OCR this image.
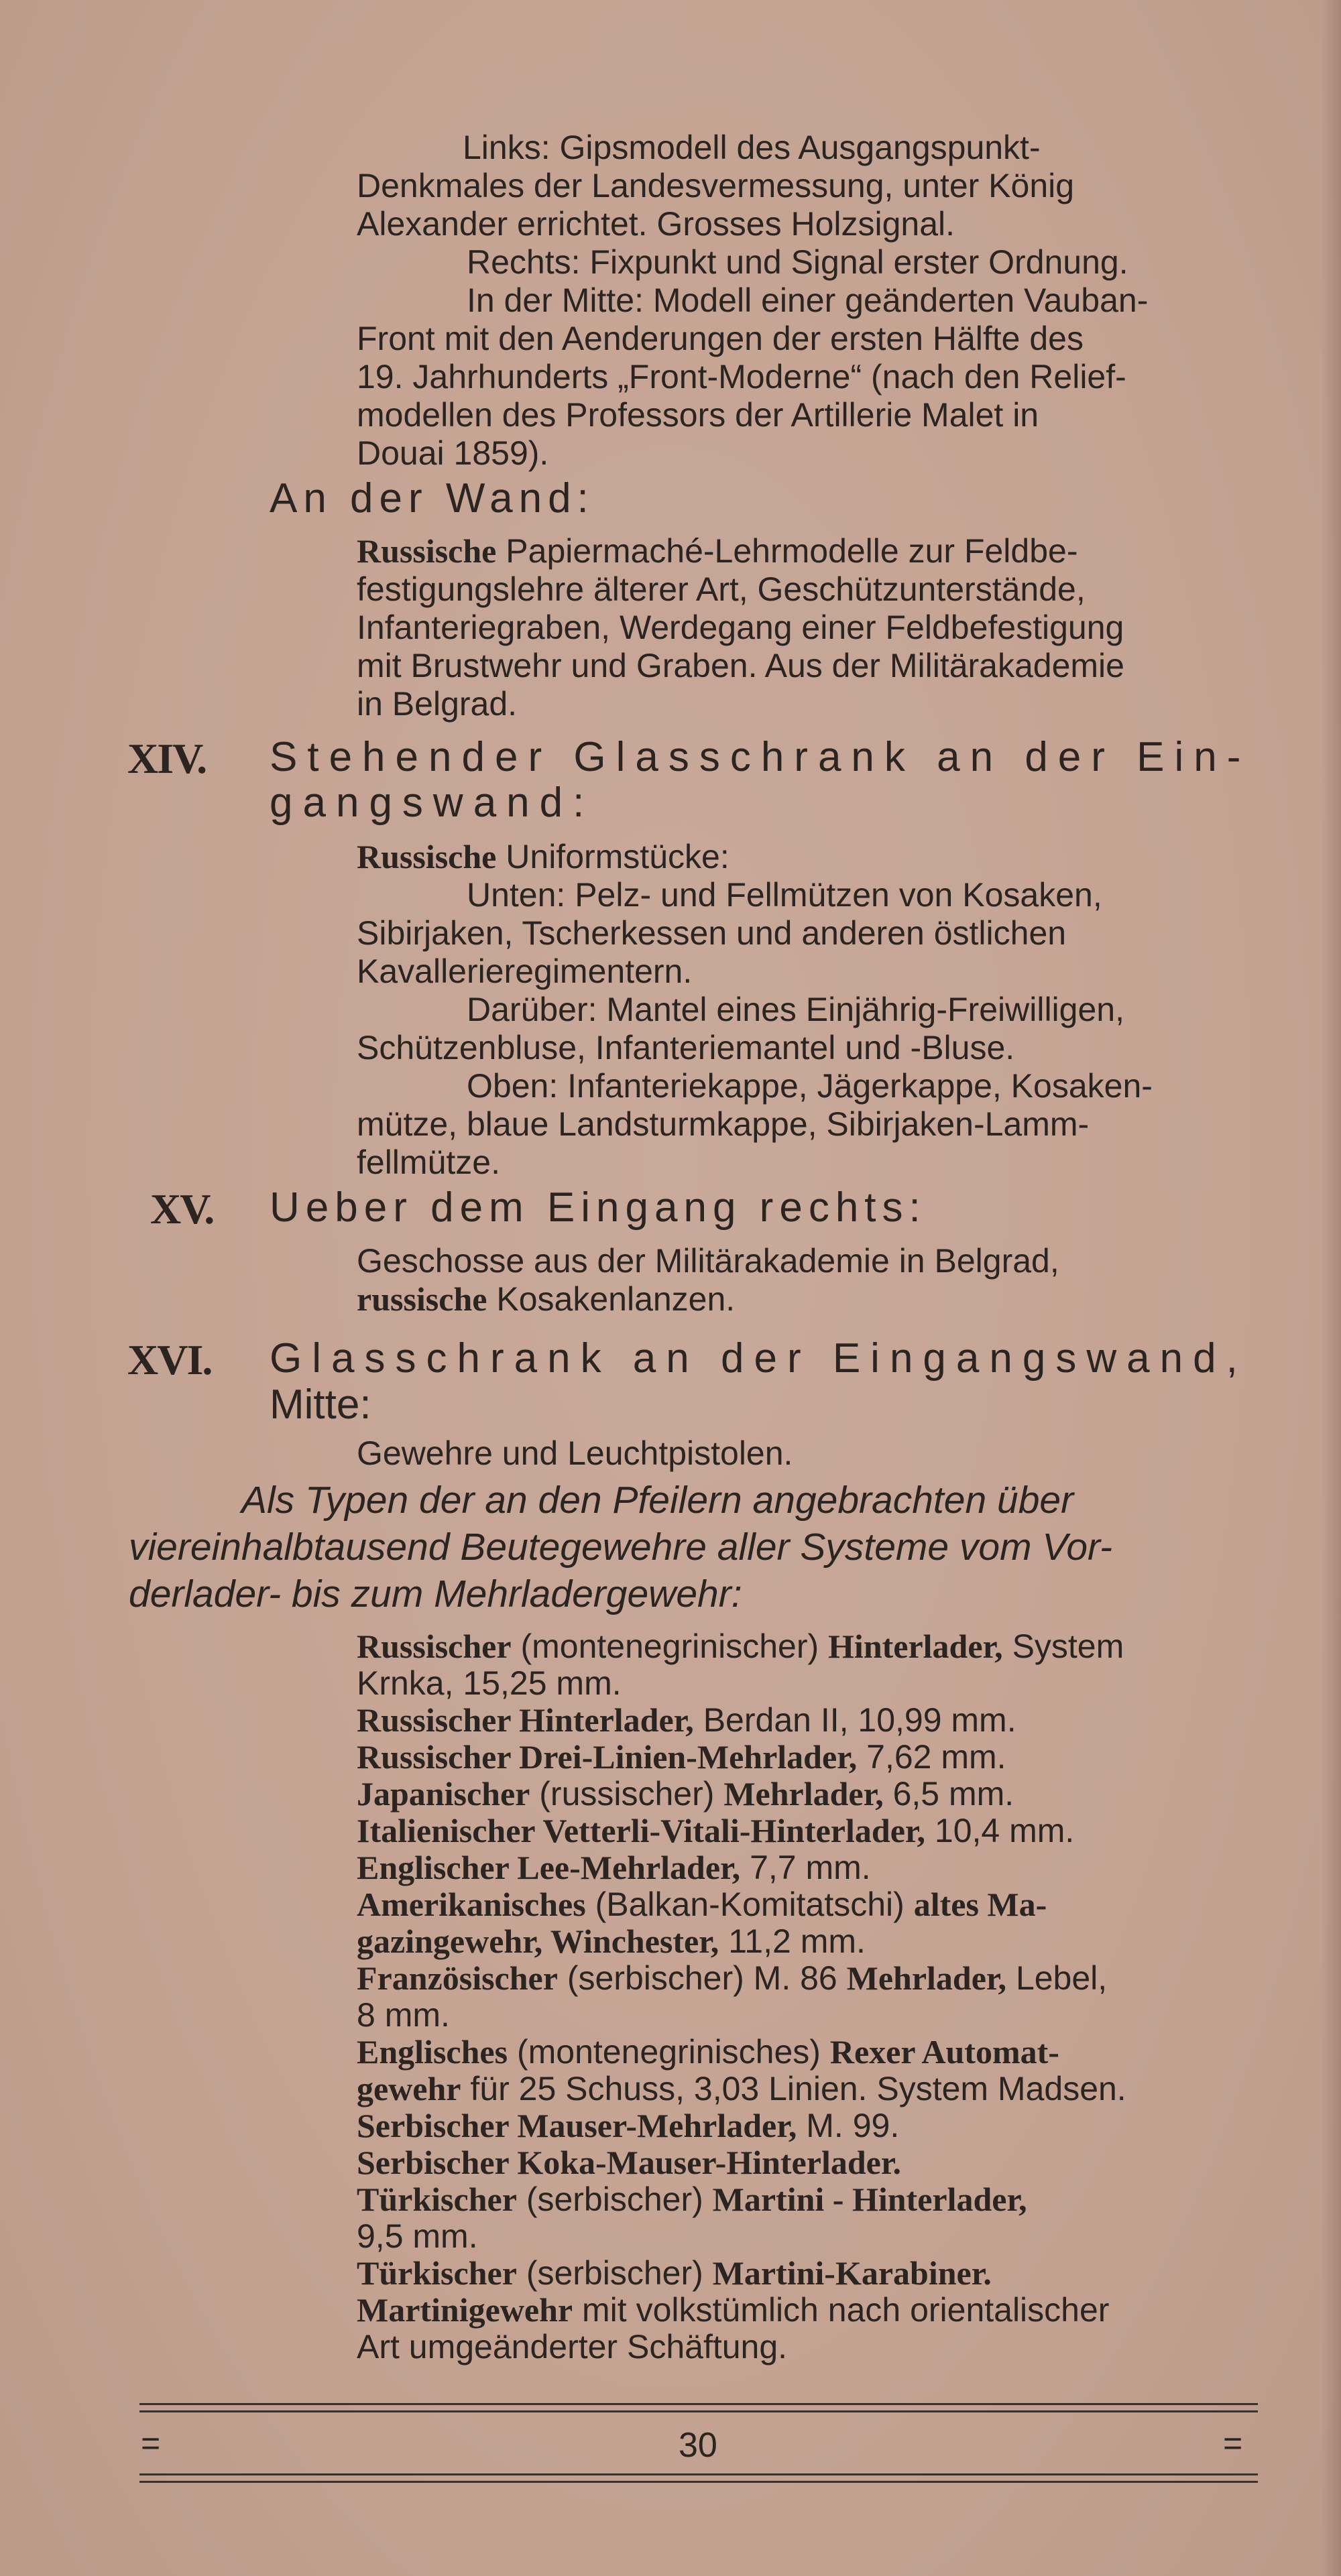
Links: Gipsmodell des Ausgangspunkt-
Denkmales der Landesvermessung, unter König
Alexander errichtet. Grosses Holzsignal.
Rechts: Fixpunkt und Signal erster Ordnung.
In der Mitte: Modell einer geänderten Vauban-
Front mit den Aenderungen der ersten Hälfte des
19. Jahrhunderts „Front-Moderne“ (nach den Relief-
modellen des Professors der Artillerie Malet in
Douai 1859).
An der Wand:
Russische Papiermaché-Lehrmodelle zur Feldbe-
festigungslehre älterer Art, Geschützunterstände,
Infanteriegraben, Werdegang einer Feldbefestigung
mit Brustwehr und Graben. Aus der Militärakademie
in Belgrad.
XIV. Stehender Glasschrank an der Ein-
gangswand:
Russische Uniformstücke:
Unten: Pelz- und Fellmützen von Kosaken,
Sibirjaken, Tscherkessen und anderen östlichen
Kavallerieregimentern.
Darüber: Mantel eines Einjährig-Freiwilligen,
Schützenbluse, Infanteriemantel und -Bluse.
Oben: Infanteriekappe, Jägerkappe, Kosaken-
mütze, blaue Landsturmkappe, Sibirjaken-Lamm-
fellmütze.
XV. Ueber dem Eingang rechts:
Geschosse aus der Militärakademie in Belgrad,
russische Kosakenlanzen.
XVI. Glasschrank an der Eingangswand,
Mitte:
Gewehre und Leuchtpistolen.
Als Typen der an den Pfeilern angebrachten über
viereinhalbtausend Beutegewehre aller Systeme vom Vor-
derlader- bis zum Mehrladergewehr:
Russischer (montenegrinischer) Hinterlader, System
Krnka, 15,25 mm.
Russischer Hinterlader, Berdan II, 10,99 mm.
Russischer Drei-Linien-Mehrlader, 7,62 mm.
Japanischer (russischer) Mehrlader, 6,5 mm.
Italienischer Vetterli-Vitali-Hinterlader, 10,4 mm.
Englischer Lee-Mehrlader, 7,7 mm.
Amerikanisches (Balkan-Komitatschi) altes Ma-
gazingewehr, Winchester, 11,2 mm.
Französischer (serbischer) M. 86 Mehrlader, Lebel,
8 mm.
Englisches (montenegrinisches) Rexer Automat-
gewehr für 25 Schuss, 3,03 Linien. System Madsen.
Serbischer Mauser-Mehrlader, M. 99.
Serbischer Koka-Mauser-Hinterlader.
Türkischer (serbischer) Martini - Hinterlader,
9,5 mm.
Türkischer (serbischer) Martini-Karabiner.
Martinigewehr mit volkstümlich nach orientalischer
Art umgeänderter Schäftung.
=	30	=
